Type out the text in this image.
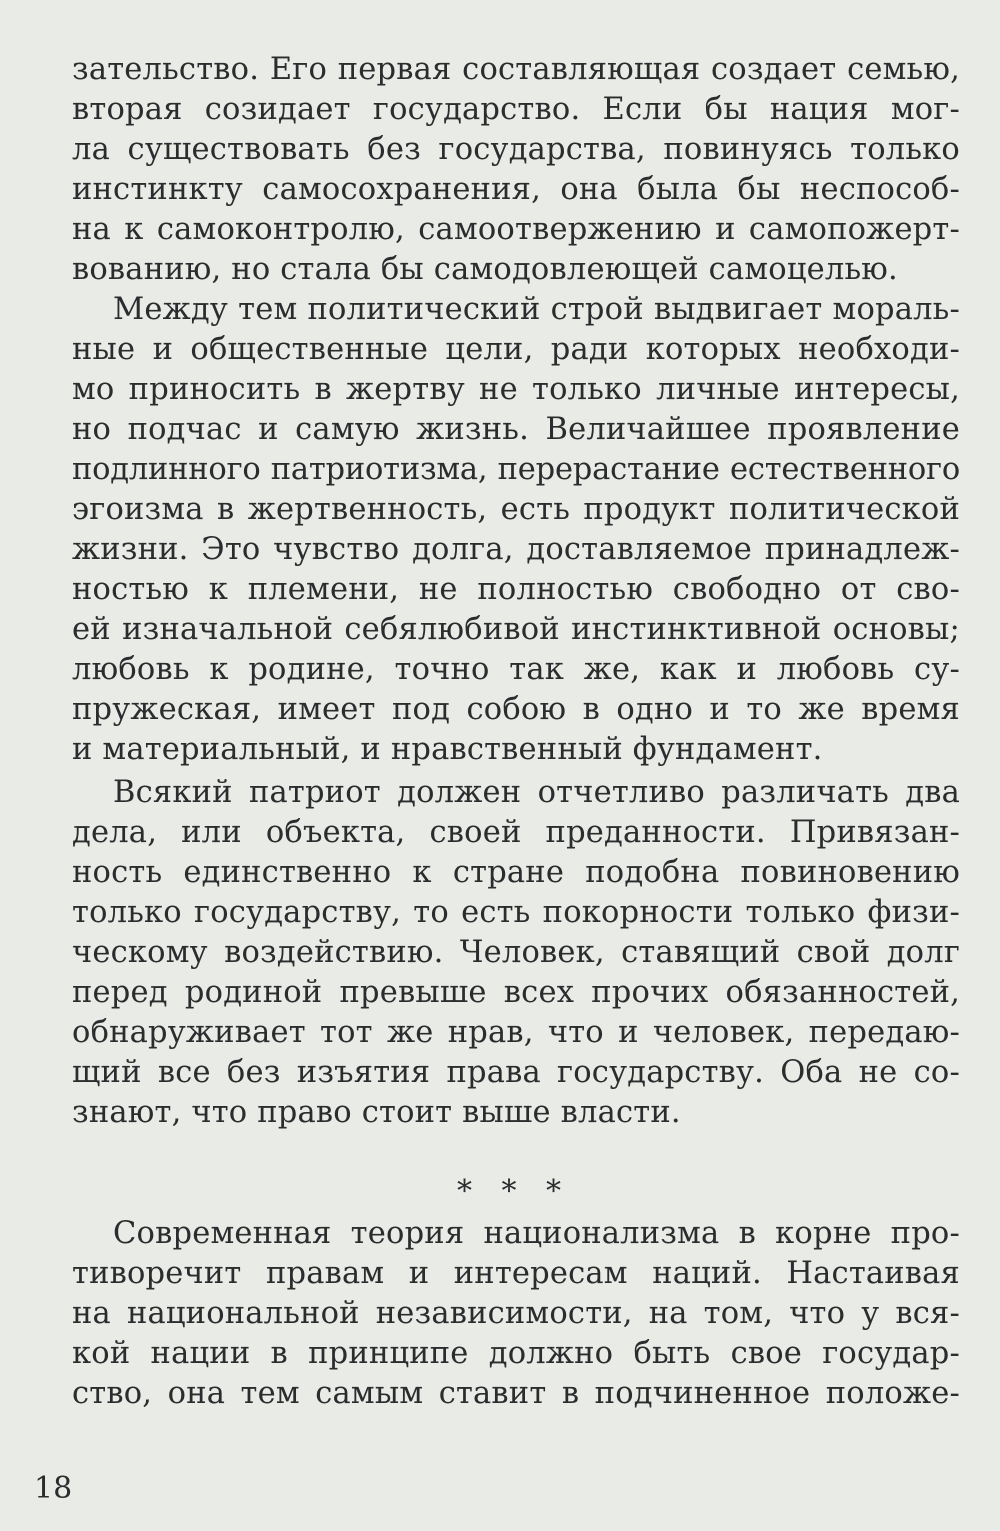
зательство. Его первая составляющая создает семью,
вторая созидает государство. Если бы нация мог-
ла существовать без государства, повинуясь только
инстинкту самосохранения, она была бы неспособ-
на к самоконтролю, самоотвержению и самопожерт-
вованию, но стала бы самодовлеющей самоцелью.
Между тем политический строй выдвигает мораль-
ные и общественные цели, ради которых необходи-
мо приносить в жертву не только личные интересы,
но подчас и самую жизнь. Величайшее проявление
подлинного патриотизма, перерастание естественного
эгоизма в жертвенность, есть продукт политической
жизни. Это чувство долга, доставляемое принадлеж-
ностью к племени, не полностью свободно от сво-
ей изначальной себялюбивой инстинктивной основы;
любовь к родине, точно так же, как и любовь су-
пружеская, имеет под собою в одно и то же время
и материальный, и нравственный фундамент.
Всякий патриот должен отчетливо различать два
дела, или объекта, своей преданности. Привязан-
ность единственно к стране подобна повиновению
только государству, то есть покорности только физи-
ческому воздействию. Человек, ставящий свой долг
перед родиной превыше всех прочих обязанностей,
обнаруживает тот же нрав, что и человек, передаю-
щий все без изъятия права государству. Оба не со-
знают, что право стоит выше власти.
* * *
Современная теория национализма в корне про-
тиворечит правам и интересам наций. Настаивая
на национальной независимости, на том, что у вся-
кой нации в принципе должно быть свое государ-
ство, она тем самым ставит в подчиненное положе-
18
